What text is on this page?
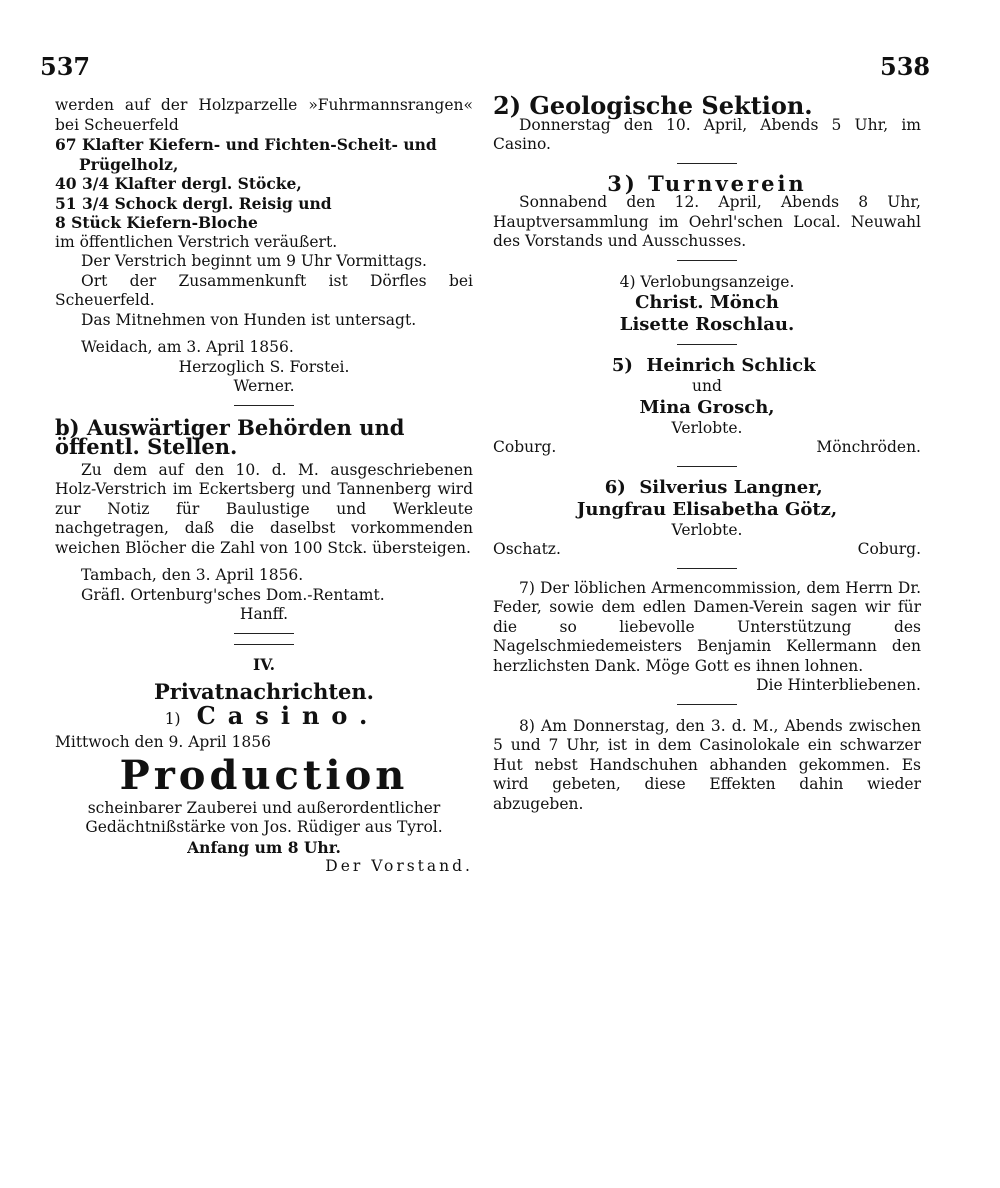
537	538

werden auf der Holzparzelle »Fuhrmannsrangen« bei Scheuerfeld

67 Klafter Kiefern- und Fichten-Scheit- und Prügelholz,

40 3/4 Klafter dergl. Stöcke,

51 3/4 Schock dergl. Reisig und

8 Stück Kiefern-Bloche

im öffentlichen Verstrich veräußert.

Der Verstrich beginnt um 9 Uhr Vormittags.

Ort der Zusammenkunft ist Dörfles bei Scheuerfeld.

Das Mitnehmen von Hunden ist untersagt.

Weidach, am 3. April 1856.

Herzoglich S. Forstei.

Werner.

b) Auswärtiger Behörden und öffentl. Stellen.

Zu dem auf den 10. d. M. ausgeschriebenen Holz-Verstrich im Eckertsberg und Tannenberg wird zur Notiz für Baulustige und Werkleute nachgetragen, daß die daselbst vorkommenden weichen Blöcher die Zahl von 100 Stck. übersteigen.

Tambach, den 3. April 1856.

Gräfl. Ortenburg'sches Dom.-Rentamt.

Hanff.

IV.

Privatnachrichten.

1) Casino.

Mittwoch den 9. April 1856

Production

scheinbarer Zauberei und außerordentlicher Gedächtnißstärke von Jos. Rüdiger aus Tyrol.

Anfang um 8 Uhr.

Der Vorstand.

2) Geologische Sektion.

Donnerstag den 10. April, Abends 5 Uhr, im Casino.

3) Turnverein

Sonnabend den 12. April, Abends 8 Uhr, Hauptversammlung im Oehrl'schen Local. Neuwahl des Vorstands und Ausschusses.

4) Verlobungsanzeige.

Christ. Mönch

Lisette Roschlau.

5) Heinrich Schlick

und

Mina Grosch,

Verlobte.

Coburg.	Mönchröden.

6) Silverius Langner,

Jungfrau Elisabetha Götz,

Verlobte.

Oschatz.	Coburg.

7) Der löblichen Armencommission, dem Herrn Dr. Feder, sowie dem edlen Damen-Verein sagen wir für die so liebevolle Unterstützung des Nagelschmiedemeisters Benjamin Kellermann den herzlichsten Dank. Möge Gott es ihnen lohnen.

Die Hinterbliebenen.

8) Am Donnerstag, den 3. d. M., Abends zwischen 5 und 7 Uhr, ist in dem Casinolokale ein schwarzer Hut nebst Handschuhen abhanden gekommen. Es wird gebeten, diese Effekten dahin wieder abzugeben.
